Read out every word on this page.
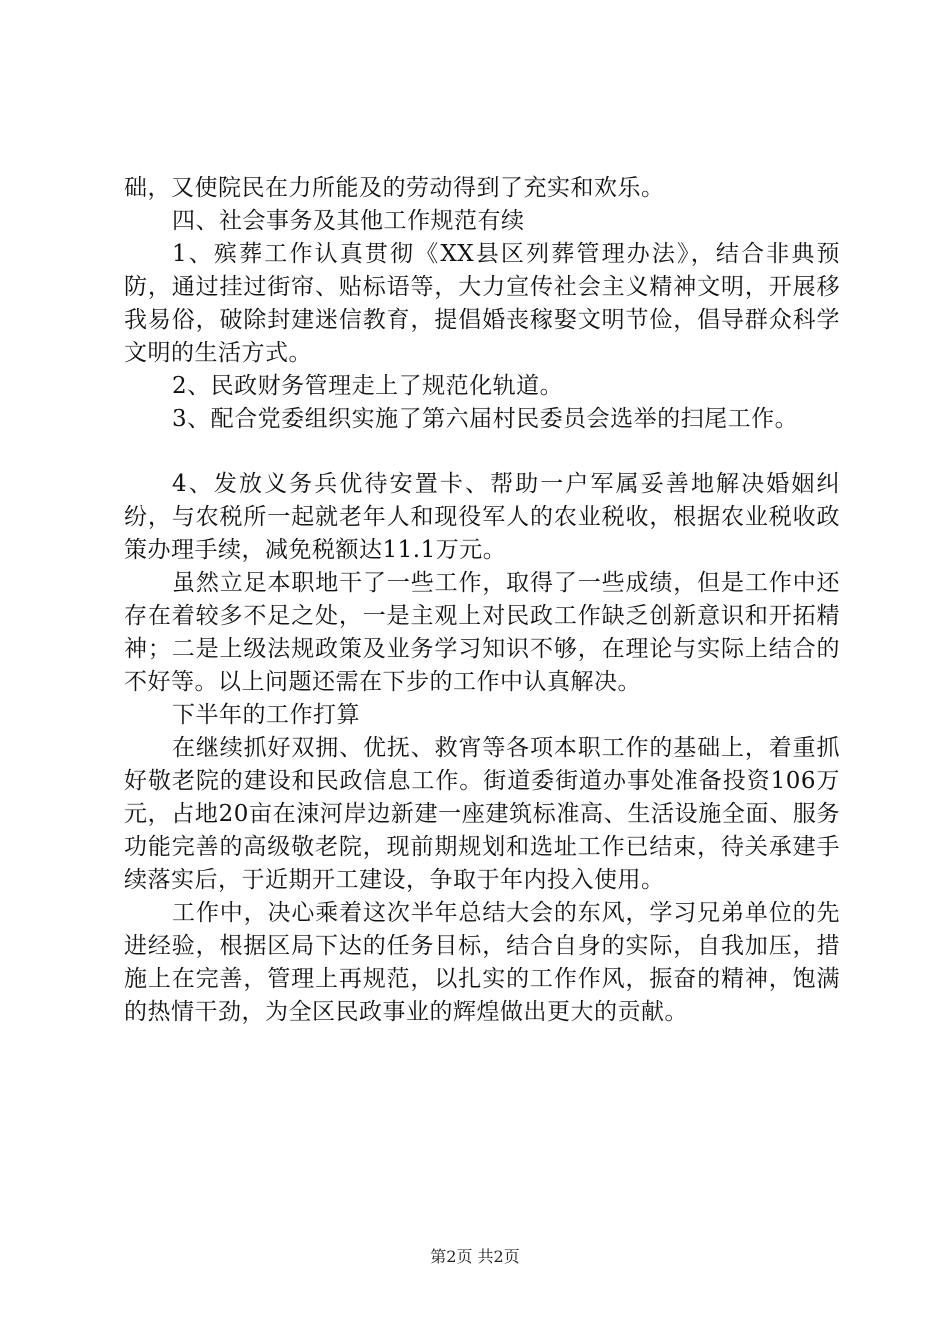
础，又使院民在力所能及的劳动得到了充实和欢乐。

四、社会事务及其他工作规范有续

1、殡葬工作认真贯彻《XX县区列葬管理办法》，结合非典预防，通过挂过街帘、贴标语等，大力宣传社会主义精神文明，开展移我易俗，破除封建迷信教育，提倡婚丧稼娶文明节俭，倡导群众科学文明的生活方式。

2、民政财务管理走上了规范化轨道。

3、配合党委组织实施了第六届村民委员会选举的扫尾工作。

4、发放义务兵优待安置卡、帮助一户军属妥善地解决婚姻纠纷，与农税所一起就老年人和现役军人的农业税收，根据农业税收政策办理手续，减免税额达11.1万元。

虽然立足本职地干了一些工作，取得了一些成绩，但是工作中还存在着较多不足之处，一是主观上对民政工作缺乏创新意识和开拓精神；二是上级法规政策及业务学习知识不够，在理论与实际上结合的不好等。以上问题还需在下步的工作中认真解决。

下半年的工作打算

在继续抓好双拥、优抚、救宵等各项本职工作的基础上，着重抓好敬老院的建设和民政信息工作。街道委街道办事处准备投资106万元，占地20亩在涑河岸边新建一座建筑标准高、生活设施全面、服务功能完善的高级敬老院，现前期规划和选址工作已结束，待关承建手续落实后，于近期开工建设，争取于年内投入使用。

工作中，决心乘着这次半年总结大会的东风，学习兄弟单位的先进经验，根据区局下达的任务目标，结合自身的实际，自我加压，措施上在完善，管理上再规范，以扎实的工作作风，振奋的精神，饱满的热情干劲，为全区民政事业的辉煌做出更大的贡献。

第2页 共2页
